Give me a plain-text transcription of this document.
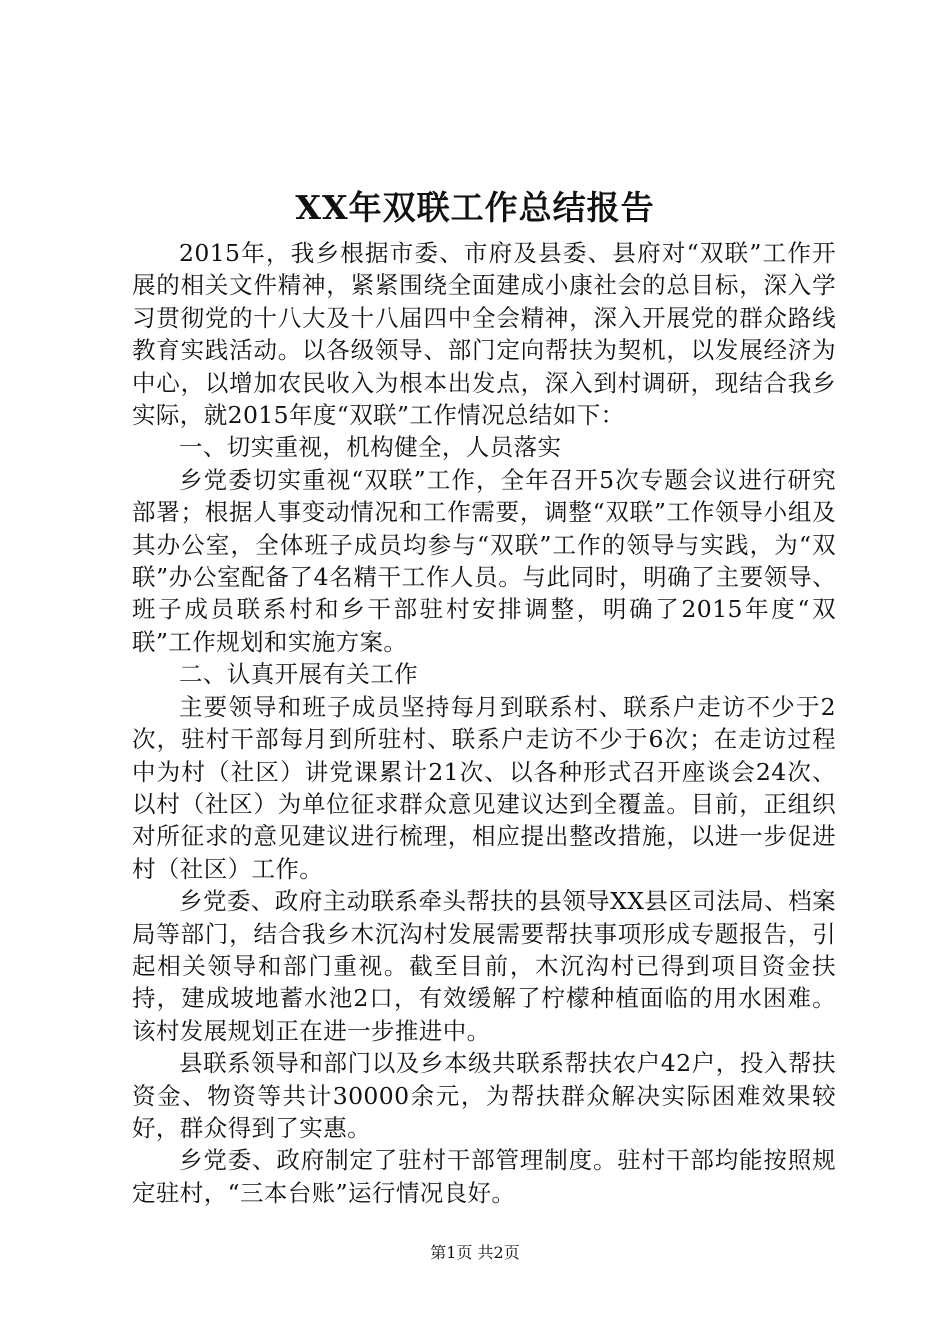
XX年双联工作总结报告

2015年，我乡根据市委、市府及县委、县府对“双联”工作开展的相关文件精神，紧紧围绕全面建成小康社会的总目标，深入学习贯彻党的十八大及十八届四中全会精神，深入开展党的群众路线教育实践活动。以各级领导、部门定向帮扶为契机，以发展经济为中心，以增加农民收入为根本出发点，深入到村调研，现结合我乡实际，就2015年度“双联”工作情况总结如下：

一、切实重视，机构健全，人员落实

乡党委切实重视“双联”工作，全年召开5次专题会议进行研究部署；根据人事变动情况和工作需要，调整“双联”工作领导小组及其办公室，全体班子成员均参与“双联”工作的领导与实践，为“双联”办公室配备了4名精干工作人员。与此同时，明确了主要领导、班子成员联系村和乡干部驻村安排调整，明确了2015年度“双联”工作规划和实施方案。

二、认真开展有关工作

主要领导和班子成员坚持每月到联系村、联系户走访不少于2次，驻村干部每月到所驻村、联系户走访不少于6次；在走访过程中为村（社区）讲党课累计21次、以各种形式召开座谈会24次、以村（社区）为单位征求群众意见建议达到全覆盖。目前，正组织对所征求的意见建议进行梳理，相应提出整改措施，以进一步促进村（社区）工作。

乡党委、政府主动联系牵头帮扶的县领导XX县区司法局、档案局等部门，结合我乡木沉沟村发展需要帮扶事项形成专题报告，引起相关领导和部门重视。截至目前，木沉沟村已得到项目资金扶持，建成坡地蓄水池2口，有效缓解了柠檬种植面临的用水困难。该村发展规划正在进一步推进中。

县联系领导和部门以及乡本级共联系帮扶农户42户，投入帮扶资金、物资等共计30000余元，为帮扶群众解决实际困难效果较好，群众得到了实惠。

乡党委、政府制定了驻村干部管理制度。驻村干部均能按照规定驻村，“三本台账”运行情况良好。

第1页 共2页
